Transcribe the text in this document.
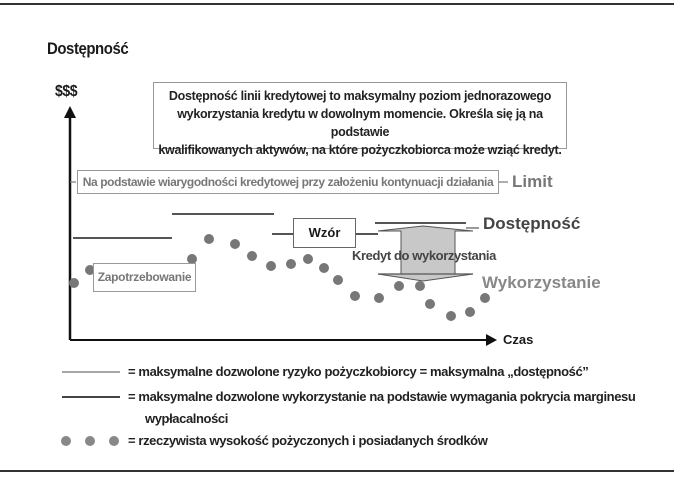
Dostępność
$$$	Dostępność linii kredytowej to maksymalny poziom jednorazowego
wykorzystania kredytu w dowolnym momencie. Określa się ją na podstawie
kwalifikowanych aktywów, na które pożyczkobiorca może wziąć kredyt.
Na podstawie wiarygodności kredytowej przy założeniu kontynuacji działania	Limit
Wzór	Dostępność
Kredyt do wykorzystania
Wykorzystanie
Zapotrzebowanie
Czas
= maksymalne dozwolone ryzyko pożyczkobiorcy = maksymalna „dostępność”
= maksymalne dozwolone wykorzystanie na podstawie wymagania pokrycia marginesu
wypłacalności
= rzeczywista wysokość pożyczonych i posiadanych środków
